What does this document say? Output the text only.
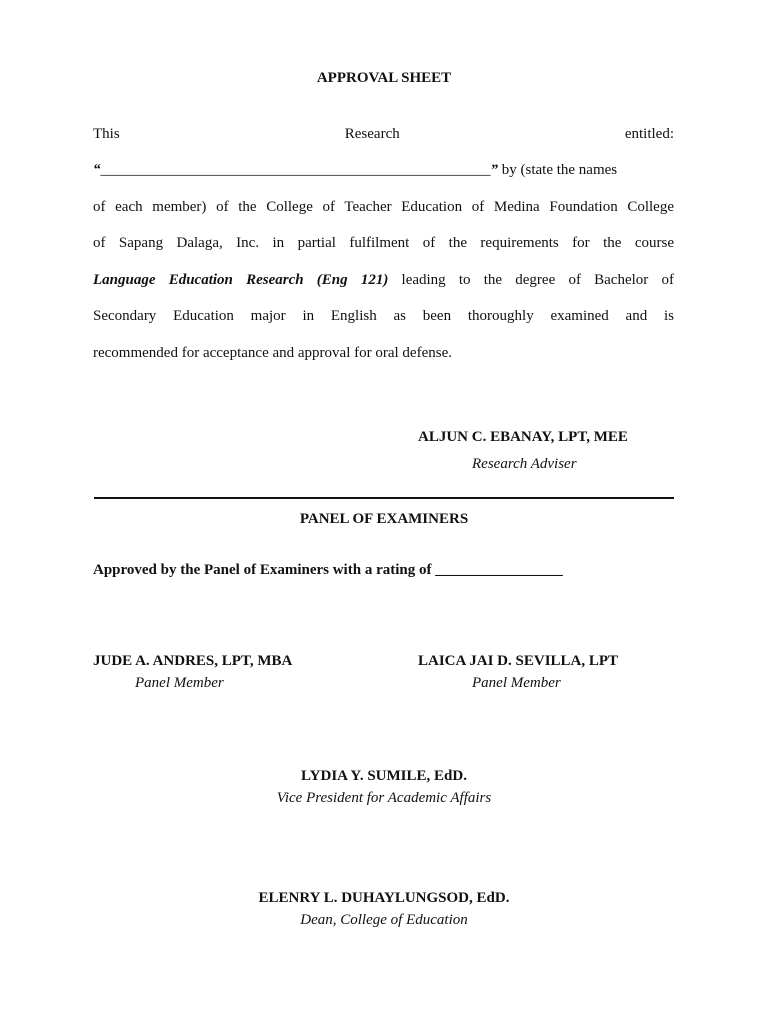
APPROVAL SHEET
This	Research	entitled:
“____________________________________________________” by (state the names
of each member) of the College of Teacher Education of Medina Foundation College
of Sapang Dalaga, Inc. in partial fulfilment of the requirements for the course
Language Education Research (Eng 121) leading to the degree of Bachelor of
Secondary Education major in English as been thoroughly examined and is
recommended for acceptance and approval for oral defense.
ALJUN C. EBANAY, LPT, MEE
Research Adviser
PANEL OF EXAMINERS
Approved by the Panel of Examiners with a rating of _________________
JUDE A. ANDRES, LPT, MBA
Panel Member
LAICA JAI D. SEVILLA, LPT
Panel Member
LYDIA Y. SUMILE, EdD.
Vice President for Academic Affairs
ELENRY L. DUHAYLUNGSOD, EdD.
Dean, College of Education
